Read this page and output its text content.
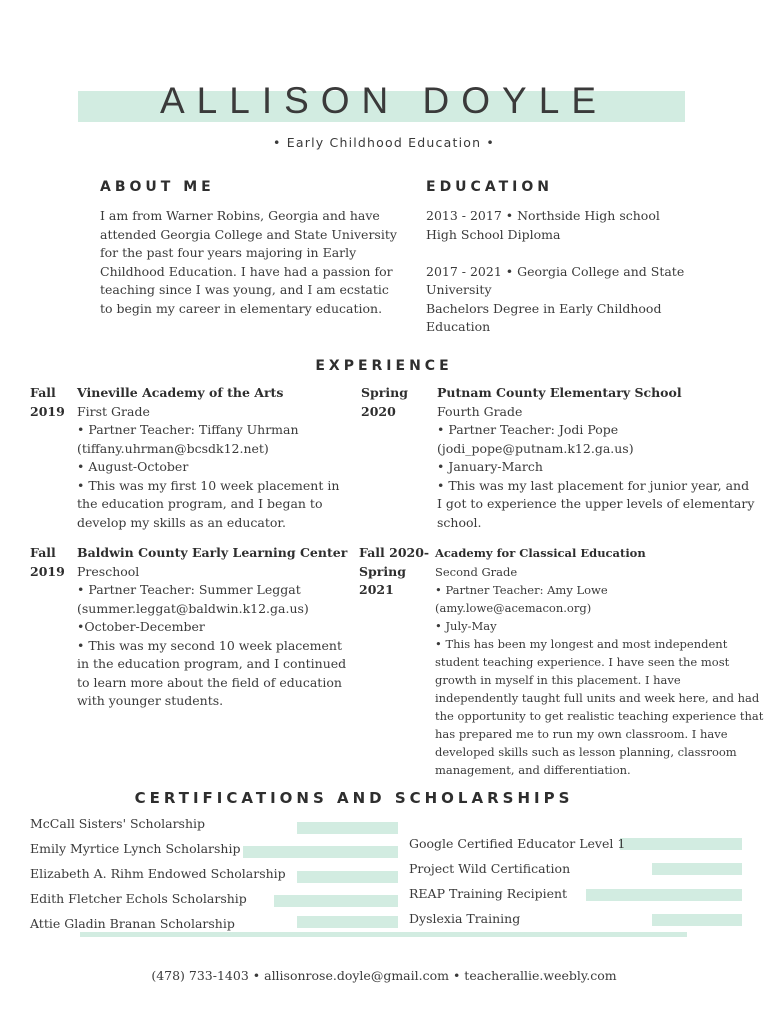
ALLISON DOYLE
• Early Childhood Education •
ABOUT ME
I am from Warner Robins, Georgia and have attended Georgia College and State University for the past four years majoring in Early Childhood Education. I have had a passion for teaching since I was young, and I am ecstatic to begin my career in elementary education.
EDUCATION
2013 - 2017 • Northside High school
High School Diploma
2017 - 2021 • Georgia College and State University
Bachelors Degree in Early Childhood Education
EXPERIENCE
Fall
2019
Vineville Academy of the Arts
First Grade
• Partner Teacher: Tiffany Uhrman (tiffany.uhrman@bcsdk12.net)
• August-October
• This was my first 10 week placement in the education program, and I began to develop my skills as an educator.
Spring
2020
Putnam County Elementary School
Fourth Grade
• Partner Teacher: Jodi Pope (jodi_pope@putnam.k12.ga.us)
• January-March
• This was my last placement for junior year, and I got to experience the upper levels of elementary school.
Fall
2019
Baldwin County Early Learning Center
Preschool
• Partner Teacher: Summer Leggat (summer.leggat@baldwin.k12.ga.us)
•October-December
• This was my second 10 week placement in the education program, and I continued to learn more about the field of education with younger students.
Fall 2020-
Spring
2021
Academy for Classical Education
Second Grade
• Partner Teacher: Amy Lowe (amy.lowe@acemacon.org)
• July-May
• This has been my longest and most independent student teaching experience. I have seen the most growth in myself in this placement. I have independently taught full units and week here, and had the opportunity to get realistic teaching experience that has prepared me to run my own classroom. I have developed skills such as lesson planning, classroom management, and differentiation.
CERTIFICATIONS AND SCHOLARSHIPS
McCall Sisters' Scholarship
Emily Myrtice Lynch Scholarship
Elizabeth A. Rihm Endowed Scholarship
Edith Fletcher Echols Scholarship
Attie Gladin Branan Scholarship
Google Certified Educator Level 1
Project Wild Certification
REAP Training Recipient
Dyslexia Training
(478) 733-1403 • allisonrose.doyle@gmail.com • teacherallie.weebly.com
